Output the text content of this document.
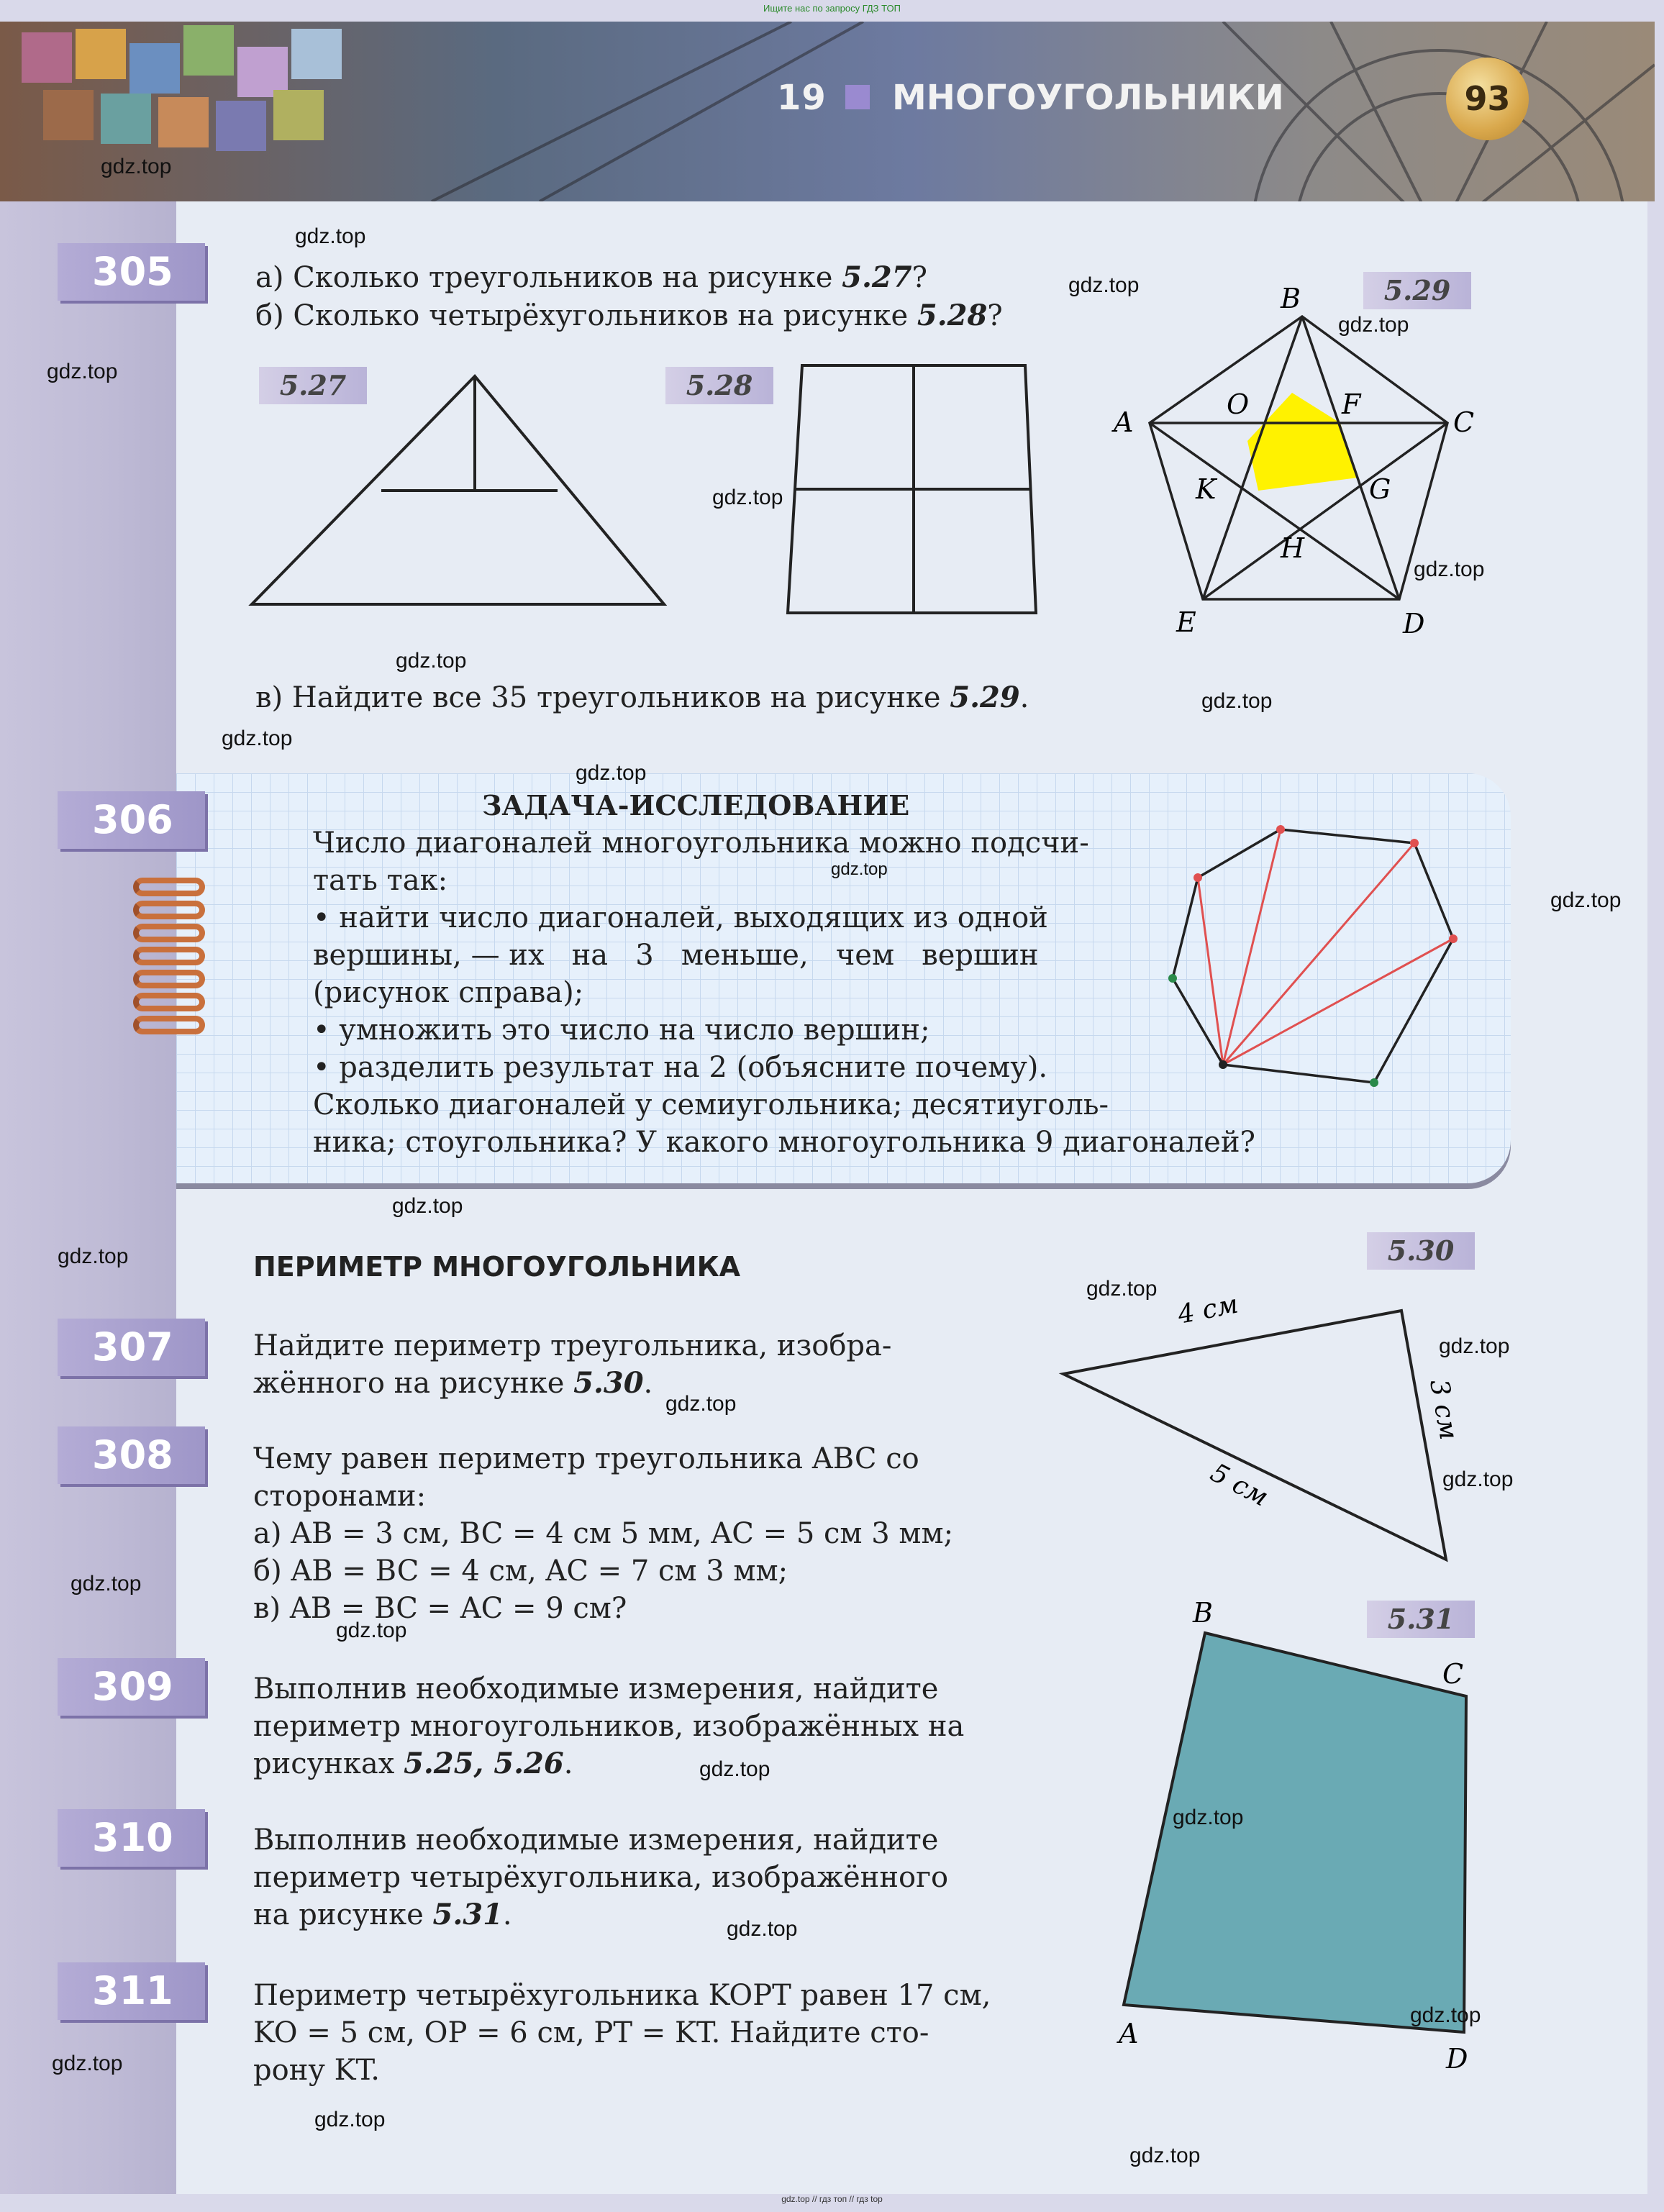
Ищите нас по запросу ГДЗ ТОП
19 МНОГОУГОЛЬНИКИ	93
305	а) Сколько треугольников на рисунке 5.27?
б) Сколько четырёхугольников на рисунке 5.28?
5.27	5.28
5.29
B
A	C
D
E
O	F
G
H
K
в) Найдите все 35 треугольников на рисунке 5.29.
306	ЗАДАЧА-ИССЛЕДОВАНИЕ
Число диагоналей многоугольника можно подсчи-
тать так:
• найти число диагоналей, выходящих из одной
вершины, — их   на   3   меньше,   чем   вершин
(рисунок справа);
• умножить это число на число вершин;
• разделить результат на 2 (объясните почему).
Сколько диагоналей у семиугольника; десятиуголь-
ника; стоугольника? У какого многоугольника 9 диагоналей?
ПЕРИМЕТР МНОГОУГОЛЬНИКА
307	Найдите периметр треугольника, изобра-
жённого на рисунке 5.30.
5.30
4 см
3 см
5 см
308	Чему равен периметр треугольника ABC со
сторонами:
а) AB = 3 см, BC = 4 см 5 мм, AC = 5 см 3 мм;
б) AB = BC = 4 см, AC = 7 см 3 мм;
в) AB = BC = AC = 9 см?
309	Выполнив необходимые измерения, найдите
периметр многоугольников, изображённых на
рисунках 5.25, 5.26.
310	Выполнив необходимые измерения, найдите
периметр четырёхугольника, изображённого
на рисунке 5.31.
5.31
B
C
A
D
311	Периметр четырёхугольника KOPT равен 17 см,
KO = 5 см, OP = 6 см, PT = KT. Найдите сто-
рону KT.
gdz.top
gdz.top
gdz.top
gdz.top
gdz.top
gdz.top
gdz.top
gdz.top
gdz.top
gdz.top
gdz.top
gdz.top
gdz.top
gdz.top
gdz.top
gdz.top
gdz.top
gdz.top
gdz.top
gdz.top
gdz.top
gdz.top
gdz.top
gdz.top
gdz.top
gdz.top
gdz.top
gdz.top
gdz.top // гдз топ // гдз top
